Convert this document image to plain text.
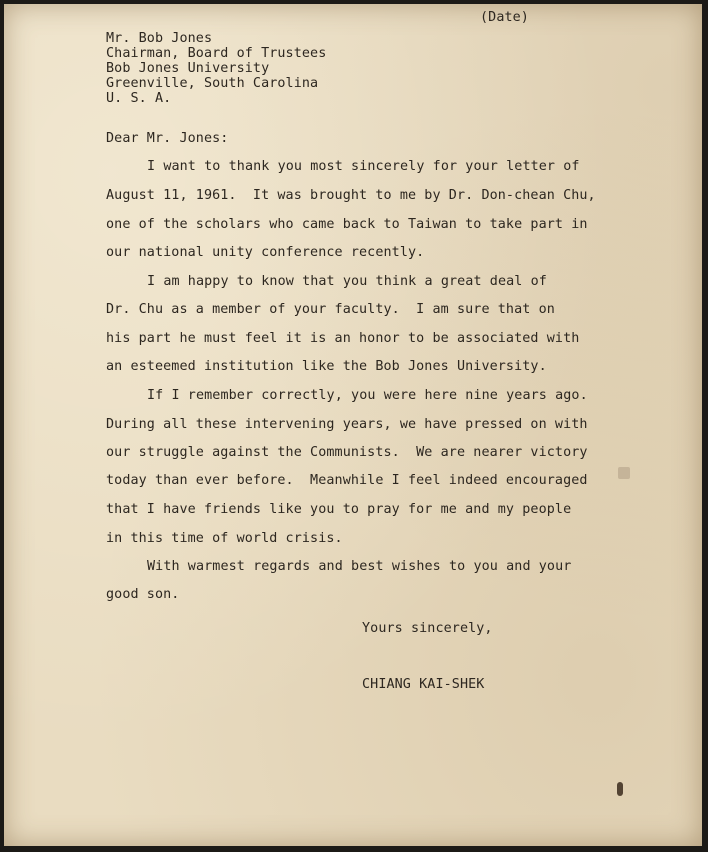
(Date)
Mr. Bob Jones
Chairman, Board of Trustees
Bob Jones University
Greenville, South Carolina
U. S. A.
Dear Mr. Jones:
I want to thank you most sincerely for your letter of
August 11, 1961.  It was brought to me by Dr. Don-chean Chu,
one of the scholars who came back to Taiwan to take part in
our national unity conference recently.
I am happy to know that you think a great deal of
Dr. Chu as a member of your faculty.  I am sure that on
his part he must feel it is an honor to be associated with
an esteemed institution like the Bob Jones University.
If I remember correctly, you were here nine years ago.
During all these intervening years, we have pressed on with
our struggle against the Communists.  We are nearer victory
today than ever before.  Meanwhile I feel indeed encouraged
that I have friends like you to pray for me and my people
in this time of world crisis.
With warmest regards and best wishes to you and your
good son.
Yours sincerely,
CHIANG KAI-SHEK
